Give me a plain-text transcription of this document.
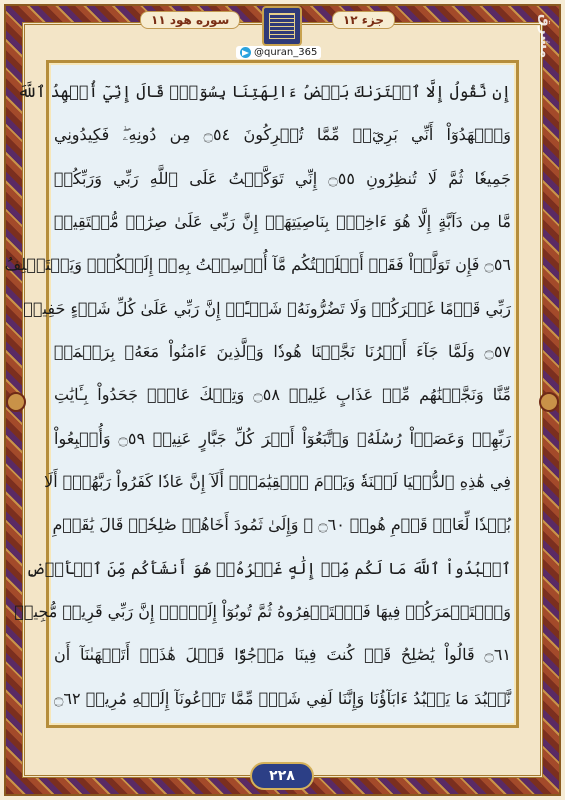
جزء ۱۲
سوره هود ۱۱
@quran_365	مشرق
إِن نَّقُولُ إِلَّا ٱعۡتَرَىٰكَ بَعۡضُ ءَالِهَتِنَا بِسُوٓءٖۗ قَالَ إِنِّيٓ أُشۡهِدُ ٱللَّهَ
وَٱشۡهَدُوٓاْ أَنِّي بَرِيٓءٞ مِّمَّا تُشۡرِكُونَ ۝٥٤ مِن دُونِهِۦۖ فَكِيدُونِي
جَمِيعٗا ثُمَّ لَا تُنظِرُونِ ۝٥٥ إِنِّي تَوَكَّلۡتُ عَلَى ٱللَّهِ رَبِّي وَرَبِّكُمۚ
مَّا مِن دَآبَّةٍ إِلَّا هُوَ ءَاخِذُۢ بِنَاصِيَتِهَآۚ إِنَّ رَبِّي عَلَىٰ صِرَٰطٖ مُّسۡتَقِيمٖ
۝٥٦ فَإِن تَوَلَّوۡاْ فَقَدۡ أَبۡلَغۡتُكُم مَّآ أُرۡسِلۡتُ بِهِۦٓ إِلَيۡكُمۡۚ وَيَسۡتَخۡلِفُ
رَبِّي قَوۡمًا غَيۡرَكُمۡ وَلَا تَضُرُّونَهُۥ شَيۡـًٔاۚ إِنَّ رَبِّي عَلَىٰ كُلِّ شَيۡءٍ حَفِيظٞ
۝٥٧ وَلَمَّا جَآءَ أَمۡرُنَا نَجَّيۡنَا هُودٗا وَٱلَّذِينَ ءَامَنُواْ مَعَهُۥ بِرَحۡمَةٖ
مِّنَّا وَنَجَّيۡنَٰهُم مِّنۡ عَذَابٍ غَلِيظٖ ۝٥٨ وَتِلۡكَ عَادٞۖ جَحَدُواْ بِـَٔايَٰتِ
رَبِّهِمۡ وَعَصَوۡاْ رُسُلَهُۥ وَٱتَّبَعُوٓاْ أَمۡرَ كُلِّ جَبَّارٍ عَنِيدٖ ۝٥٩ وَأُتۡبِعُواْ
فِي هَٰذِهِ ٱلدُّنۡيَا لَعۡنَةٗ وَيَوۡمَ ٱلۡقِيَٰمَةِۗ أَلَآ إِنَّ عَادٗا كَفَرُواْ رَبَّهُمۡۗ أَلَا
بُعۡدٗا لِّعَادٖ قَوۡمِ هُودٖ ۝٦٠ ۞ وَإِلَىٰ ثَمُودَ أَخَاهُمۡ صَٰلِحٗاۚ قَالَ يَٰقَوۡمِ
ٱعۡبُدُواْ ٱللَّهَ مَا لَكُم مِّنۡ إِلَٰهٍ غَيۡرُهُۥۖ هُوَ أَنشَأَكُم مِّنَ ٱلۡأَرۡضِ
وَٱسۡتَعۡمَرَكُمۡ فِيهَا فَٱسۡتَغۡفِرُوهُ ثُمَّ تُوبُوٓاْ إِلَيۡهِۚ إِنَّ رَبِّي قَرِيبٞ مُّجِيبٞ
۝٦١ قَالُواْ يَٰصَٰلِحُ قَدۡ كُنتَ فِينَا مَرۡجُوّٗا قَبۡلَ هَٰذَآۖ أَتَنۡهَىٰنَآ أَن
نَّعۡبُدَ مَا يَعۡبُدُ ءَابَآؤُنَا وَإِنَّنَا لَفِي شَكّٖ مِّمَّا تَدۡعُونَآ إِلَيۡهِ مُرِيبٖ ۝٦٢
۲۲۸
